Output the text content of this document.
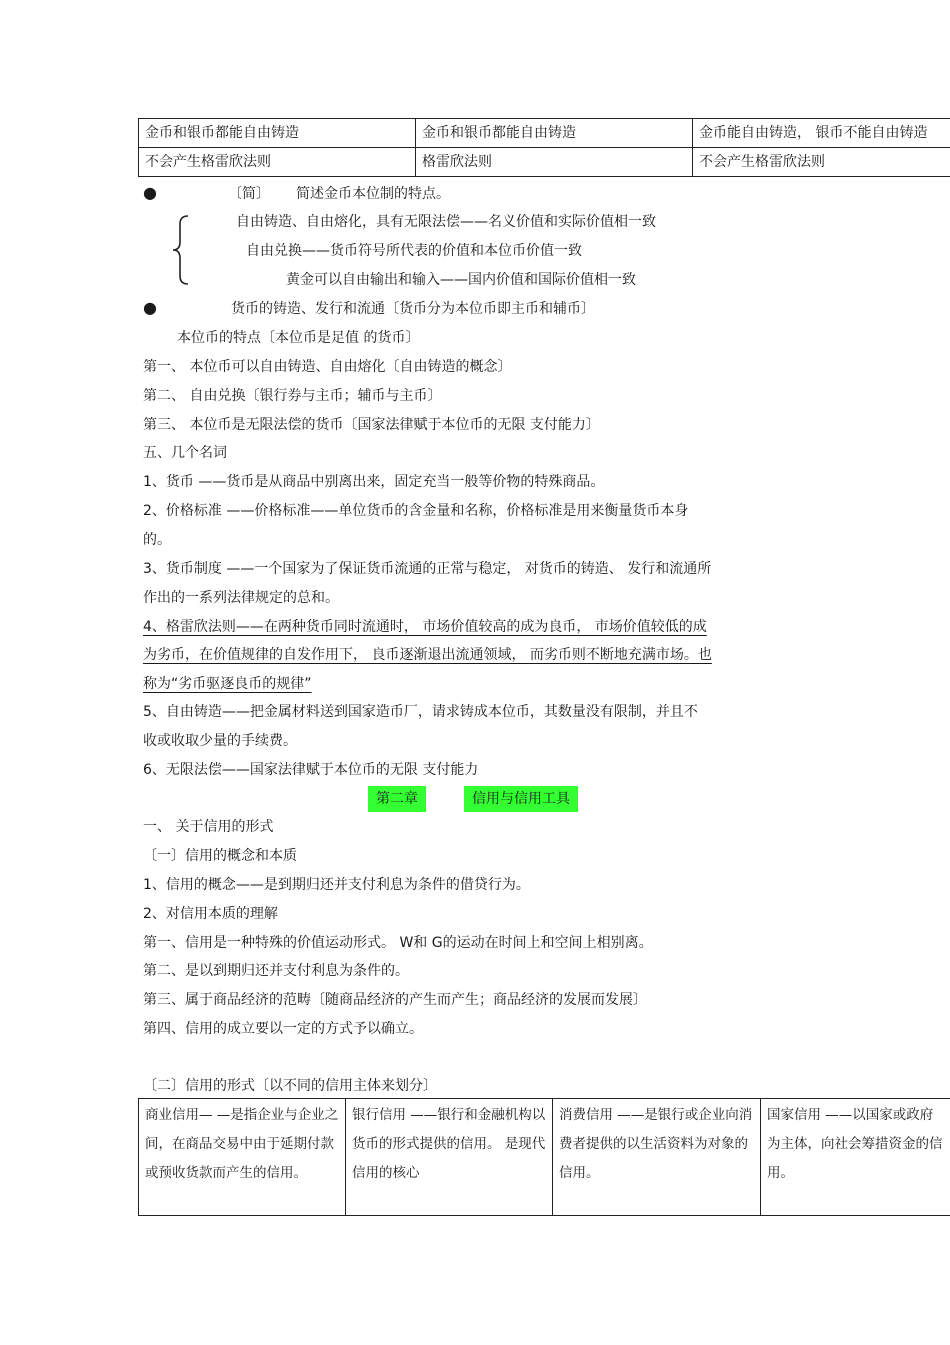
金币和银币都能自由铸造	金币和银币都能自由铸造	金币能自由铸造， 银币不能自由铸造
不会产生格雷欣法则	格雷欣法则	不会产生格雷欣法则
●	〔简〕 简述金币本位制的特点。
自由铸造、自由熔化，具有无限法偿——名义价值和实际价值相一致
自由兑换——货币符号所代表的价值和本位币价值一致
黄金可以自由输出和输入——国内价值和国际价值相一致
●	货币的铸造、发行和流通〔货币分为本位币即主币和辅币〕
本位币的特点〔本位币是足值 的货币〕
第一、 本位币可以自由铸造、自由熔化〔自由铸造的概念〕
第二、 自由兑换〔银行券与主币；辅币与主币〕
第三、 本位币是无限法偿的货币〔国家法律赋于本位币的无限 支付能力〕
五、几个名词
1、货币 ——货币是从商品中别离出来，固定充当一般等价物的特殊商品。
2、价格标准 ——价格标准——单位货币的含金量和名称，价格标准是用来衡量货币本身
的。
3、货币制度 ——一个国家为了保证货币流通的正常与稳定， 对货币的铸造、 发行和流通所
作出的一系列法律规定的总和。
4、格雷欣法则——在两种货币同时流通时， 市场价值较高的成为良币， 市场价值较低的成
为劣币，在价值规律的自发作用下， 良币逐渐退出流通领域， 而劣币则不断地充满市场。也
称为“劣币驱逐良币的规律”
5、自由铸造——把金属材料送到国家造币厂，请求铸成本位币，其数量没有限制，并且不
收或收取少量的手续费。
6、无限法偿——国家法律赋于本位币的无限 支付能力
第二章	信用与信用工具
一、 关于信用的形式
〔一〕信用的概念和本质
1、信用的概念——是到期归还并支付利息为条件的借贷行为。
2、对信用本质的理解
第一、信用是一种特殊的价值运动形式。 W和 G的运动在时间上和空间上相别离。
第二、是以到期归还并支付利息为条件的。
第三、属于商品经济的范畴〔随商品经济的产生而产生；商品经济的发展而发展〕
第四、信用的成立要以一定的方式予以确立。
〔二〕信用的形式〔以不同的信用主体来划分〕
商业信用— —是指企业与企业之间，在商品交易中由于延期付款或预收货款而产生的信用。	银行信用 ——银行和金融机构以货币的形式提供的信用。 是现代信用的核心	消费信用 ——是银行或企业向消费者提供的以生活资料为对象的信用。	国家信用 ——以国家或政府为主体，向社会筹措资金的信用。
